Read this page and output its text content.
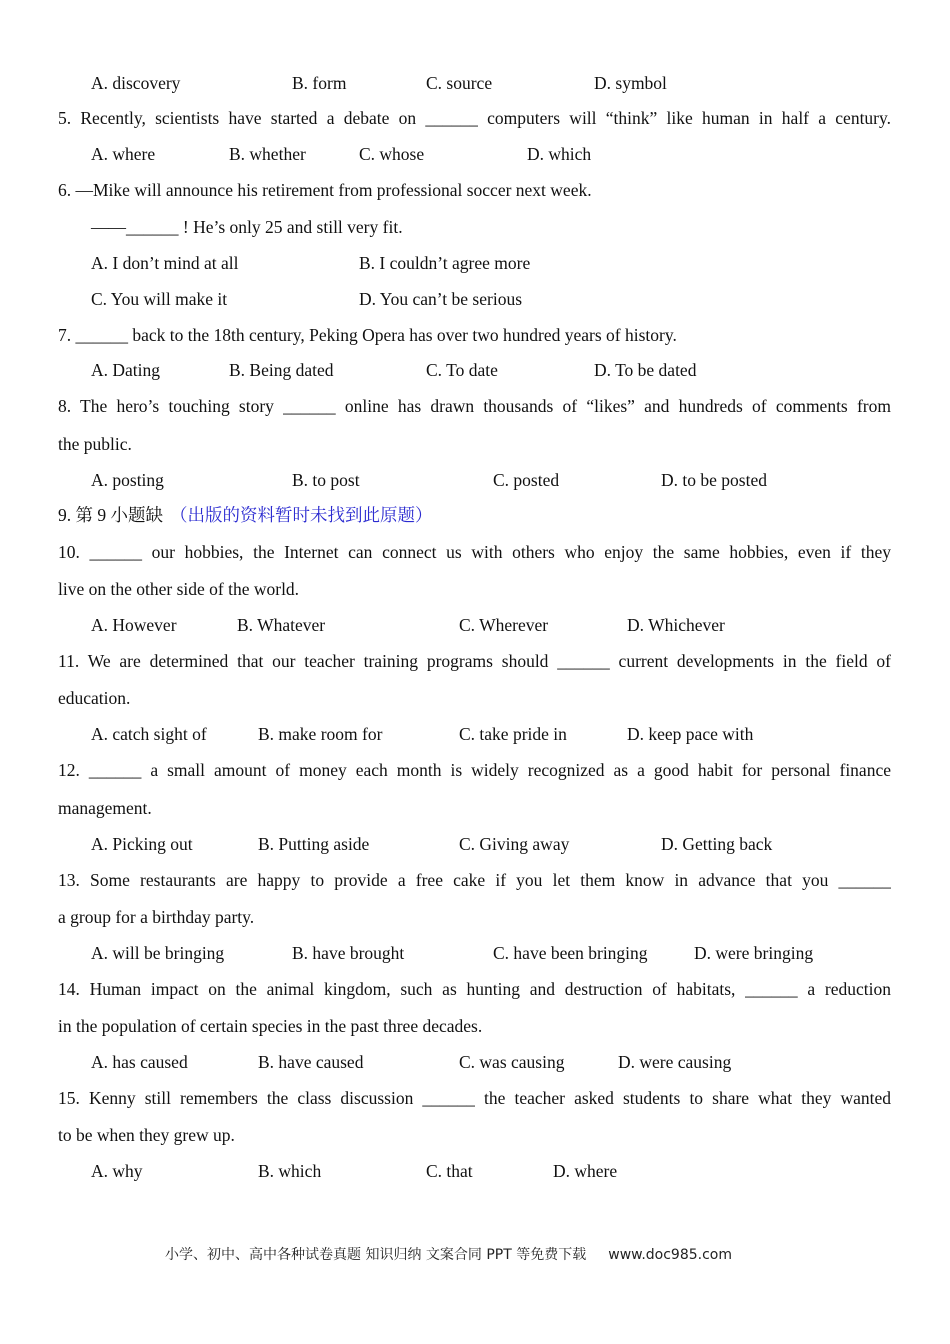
小学、初中、高中各种试卷真题 知识归纳 文案合同 PPT 等免费下载 www.doc985.com
A. discovery	B. form	C. source	D. symbol
5. Recently, scientists have started a debate on ______ computers will “think” like human in half a century.
A. where	B. whether	C. whose	D. which
6. —Mike will announce his retirement from professional soccer next week.
——______ ! He’s only 25 and still very fit.
A. I don’t mind at all	B. I couldn’t agree more
C. You will make it	D. You can’t be serious
7. ______ back to the 18th century, Peking Opera has over two hundred years of history.
A. Dating	B. Being dated	C. To date	D. To be dated
8. The hero’s touching story ______ online has drawn thousands of “likes” and hundreds of comments from
the public.
A. posting	B. to post	C. posted	D. to be posted
9. 第 9 小题缺 （出版的资料暂时未找到此原题）
10. ______ our hobbies, the Internet can connect us with others who enjoy the same hobbies, even if they
live on the other side of the world.
A. However	B. Whatever	C. Wherever	D. Whichever
11. We are determined that our teacher training programs should ______ current developments in the field of
education.
A. catch sight of	B. make room for	C. take pride in	D. keep pace with
12. ______ a small amount of money each month is widely recognized as a good habit for personal finance
management.
A. Picking out	B. Putting aside	C. Giving away	D. Getting back
13. Some restaurants are happy to provide a free cake if you let them know in advance that you ______
a group for a birthday party.
A. will be bringing	B. have brought	C. have been bringing	D. were bringing
14. Human impact on the animal kingdom, such as hunting and destruction of habitats, ______ a reduction
in the population of certain species in the past three decades.
A. has caused	B. have caused	C. was causing	D. were causing
15. Kenny still remembers the class discussion ______ the teacher asked students to share what they wanted
to be when they grew up.
A. why	B. which	C. that	D. where
